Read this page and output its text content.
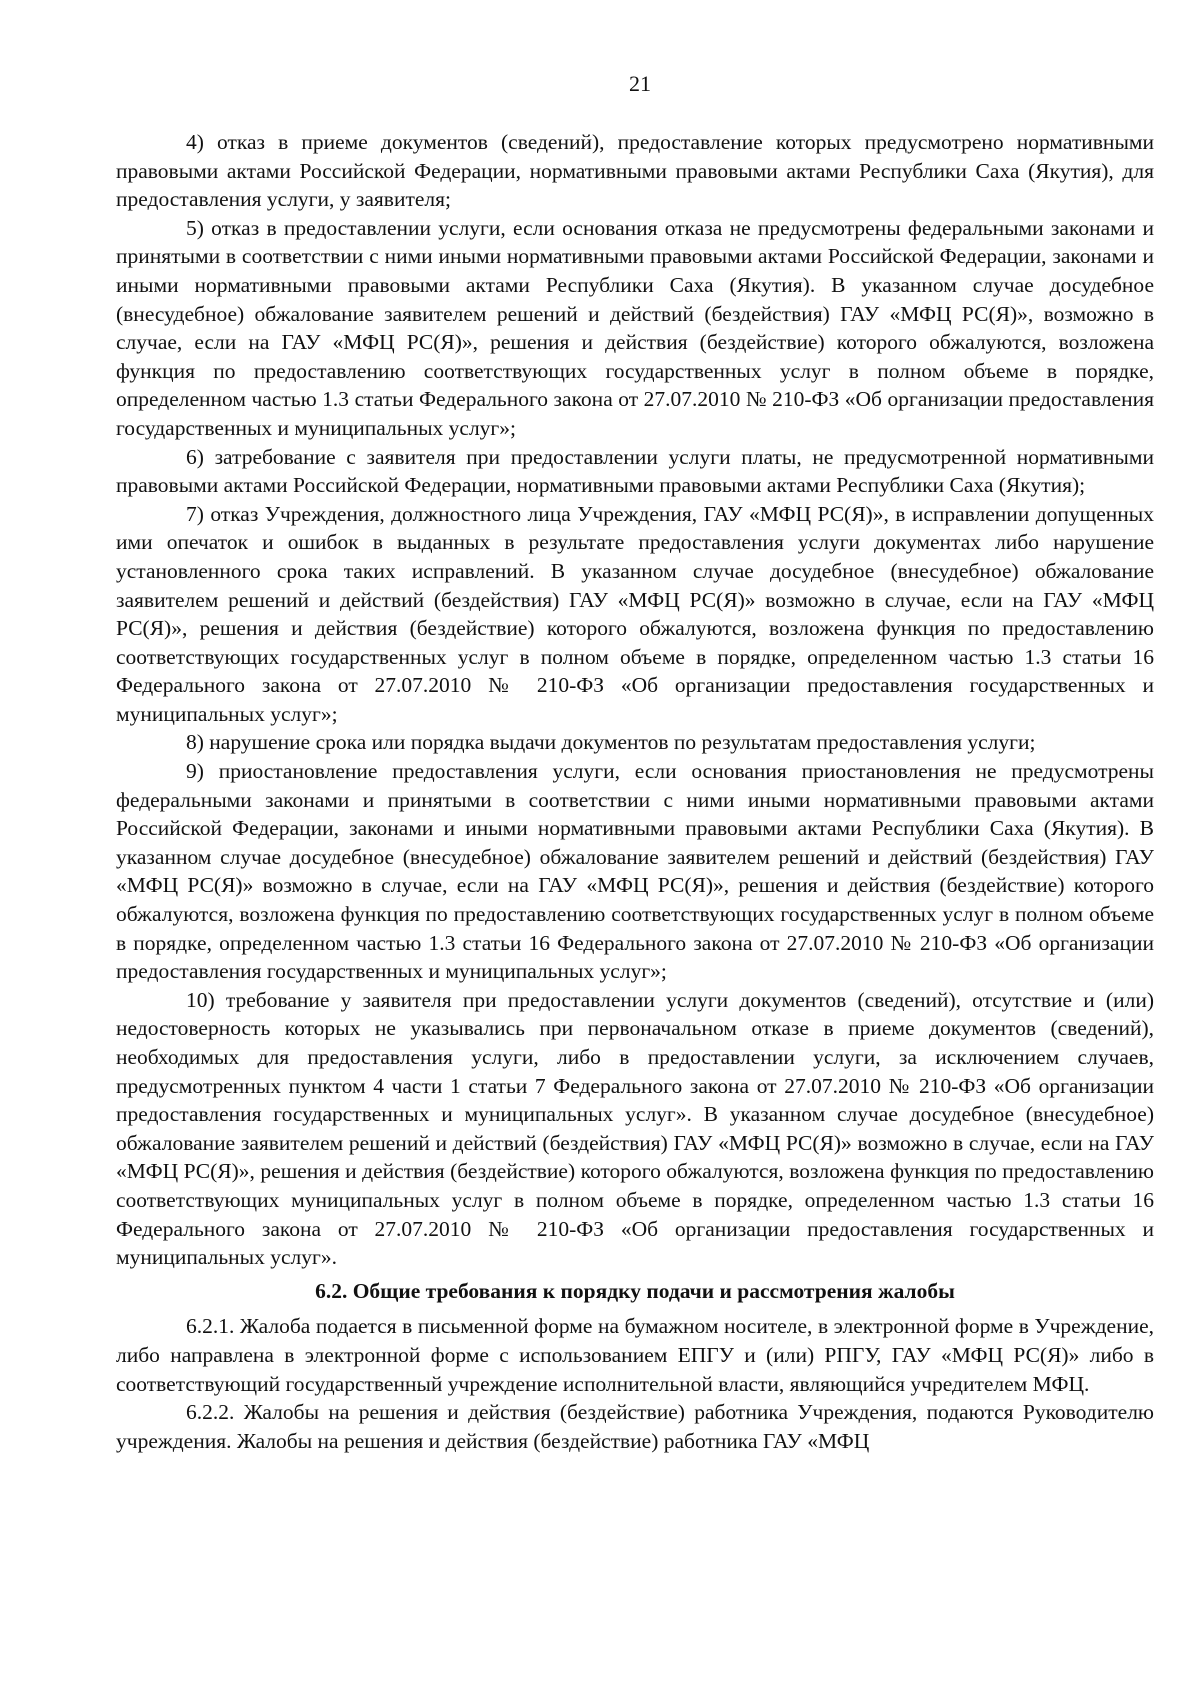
21

4) отказ в приеме документов (сведений), предоставление которых предусмотрено нормативными правовыми актами Российской Федерации, нормативными правовыми актами Республики Саха (Якутия), для предоставления услуги, у заявителя;

5) отказ в предоставлении услуги, если основания отказа не предусмотрены федеральными законами и принятыми в соответствии с ними иными нормативными правовыми актами Российской Федерации, законами и иными нормативными правовыми актами Республики Саха (Якутия). В указанном случае досудебное (внесудебное) обжалование заявителем решений и действий (бездействия) ГАУ «МФЦ РС(Я)», возможно в случае, если на ГАУ «МФЦ РС(Я)», решения и действия (бездействие) которого обжалуются, возложена функция по предоставлению соответствующих государственных услуг в полном объеме в порядке, определенном частью 1.3 статьи Федерального закона от 27.07.2010 № 210-ФЗ «Об организации предоставления государственных и муниципальных услуг»;

6) затребование с заявителя при предоставлении услуги платы, не предусмотренной нормативными правовыми актами Российской Федерации, нормативными правовыми актами Республики Саха (Якутия);

7) отказ Учреждения, должностного лица Учреждения, ГАУ «МФЦ РС(Я)», в исправлении допущенных ими опечаток и ошибок в выданных в результате предоставления услуги документах либо нарушение установленного срока таких исправлений. В указанном случае досудебное (внесудебное) обжалование заявителем решений и действий (бездействия) ГАУ «МФЦ РС(Я)» возможно в случае, если на ГАУ «МФЦ РС(Я)», решения и действия (бездействие) которого обжалуются, возложена функция по предоставлению соответствующих государственных услуг в полном объеме в порядке, определенном частью 1.3 статьи 16 Федерального закона от 27.07.2010 № 210-ФЗ «Об организации предоставления государственных и муниципальных услуг»;

8) нарушение срока или порядка выдачи документов по результатам предоставления услуги;

9) приостановление предоставления услуги, если основания приостановления не предусмотрены федеральными законами и принятыми в соответствии с ними иными нормативными правовыми актами Российской Федерации, законами и иными нормативными правовыми актами Республики Саха (Якутия). В указанном случае досудебное (внесудебное) обжалование заявителем решений и действий (бездействия) ГАУ «МФЦ РС(Я)» возможно в случае, если на ГАУ «МФЦ РС(Я)», решения и действия (бездействие) которого обжалуются, возложена функция по предоставлению соответствующих государственных услуг в полном объеме в порядке, определенном частью 1.3 статьи 16 Федерального закона от 27.07.2010 № 210-ФЗ «Об организации предоставления государственных и муниципальных услуг»;

10) требование у заявителя при предоставлении услуги документов (сведений), отсутствие и (или) недостоверность которых не указывались при первоначальном отказе в приеме документов (сведений), необходимых для предоставления услуги, либо в предоставлении услуги, за исключением случаев, предусмотренных пунктом 4 части 1 статьи 7 Федерального закона от 27.07.2010 № 210-ФЗ «Об организации предоставления государственных и муниципальных услуг». В указанном случае досудебное (внесудебное) обжалование заявителем решений и действий (бездействия) ГАУ «МФЦ РС(Я)» возможно в случае, если на ГАУ «МФЦ РС(Я)», решения и действия (бездействие) которого обжалуются, возложена функция по предоставлению соответствующих муниципальных услуг в полном объеме в порядке, определенном частью 1.3 статьи 16 Федерального закона от 27.07.2010 № 210-ФЗ «Об организации предоставления государственных и муниципальных услуг».

6.2. Общие требования к порядку подачи и рассмотрения жалобы

6.2.1. Жалоба подается в письменной форме на бумажном носителе, в электронной форме в Учреждение, либо направлена в электронной форме с использованием ЕПГУ и (или) РПГУ, ГАУ «МФЦ РС(Я)» либо в соответствующий государственный учреждение исполнительной власти, являющийся учредителем МФЦ.

6.2.2. Жалобы на решения и действия (бездействие) работника Учреждения, подаются Руководителю учреждения. Жалобы на решения и действия (бездействие) работника ГАУ «МФЦ
